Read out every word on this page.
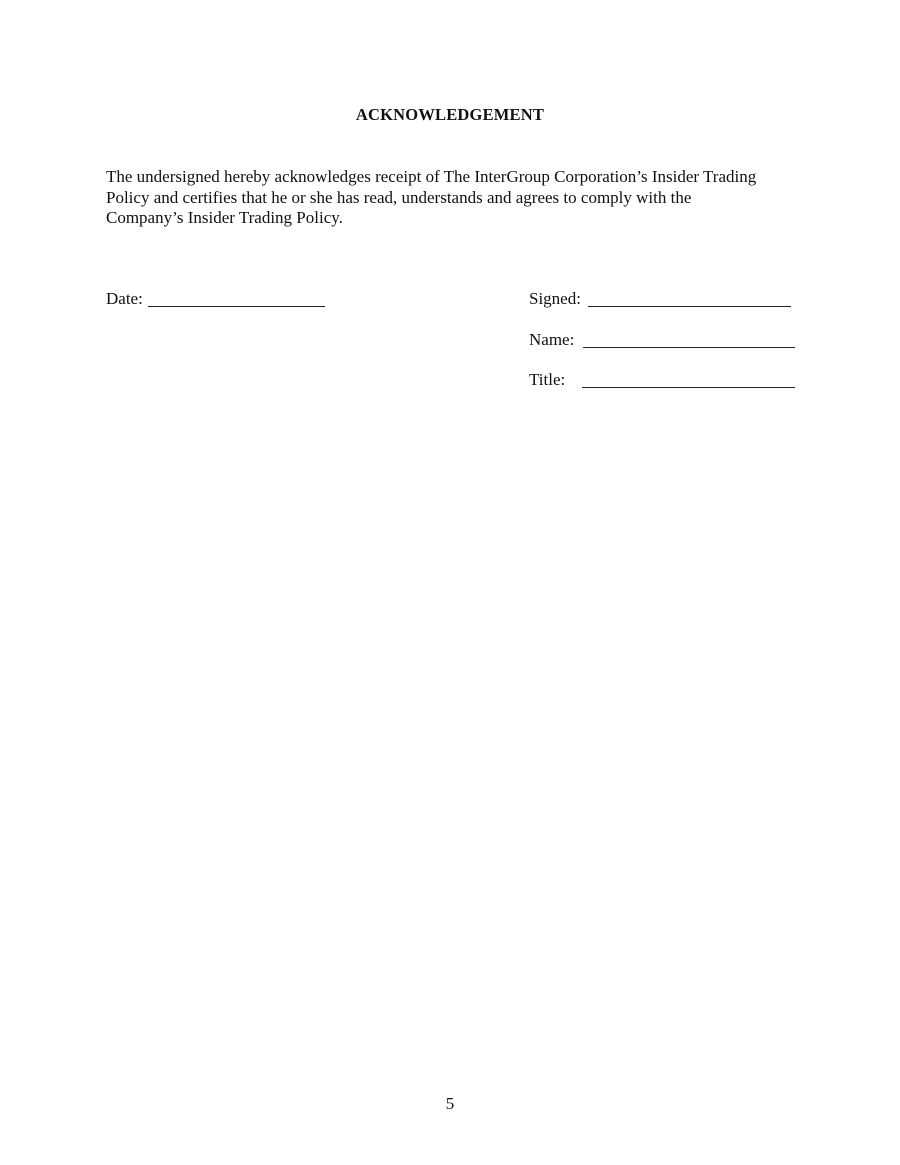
ACKNOWLEDGEMENT

The undersigned hereby acknowledges receipt of The InterGroup Corporation’s Insider Trading

Policy and certifies that he or she has read, understands and agrees to comply with the

Company’s Insider Trading Policy.

Date:	Signed:
Name:
Title:
5
